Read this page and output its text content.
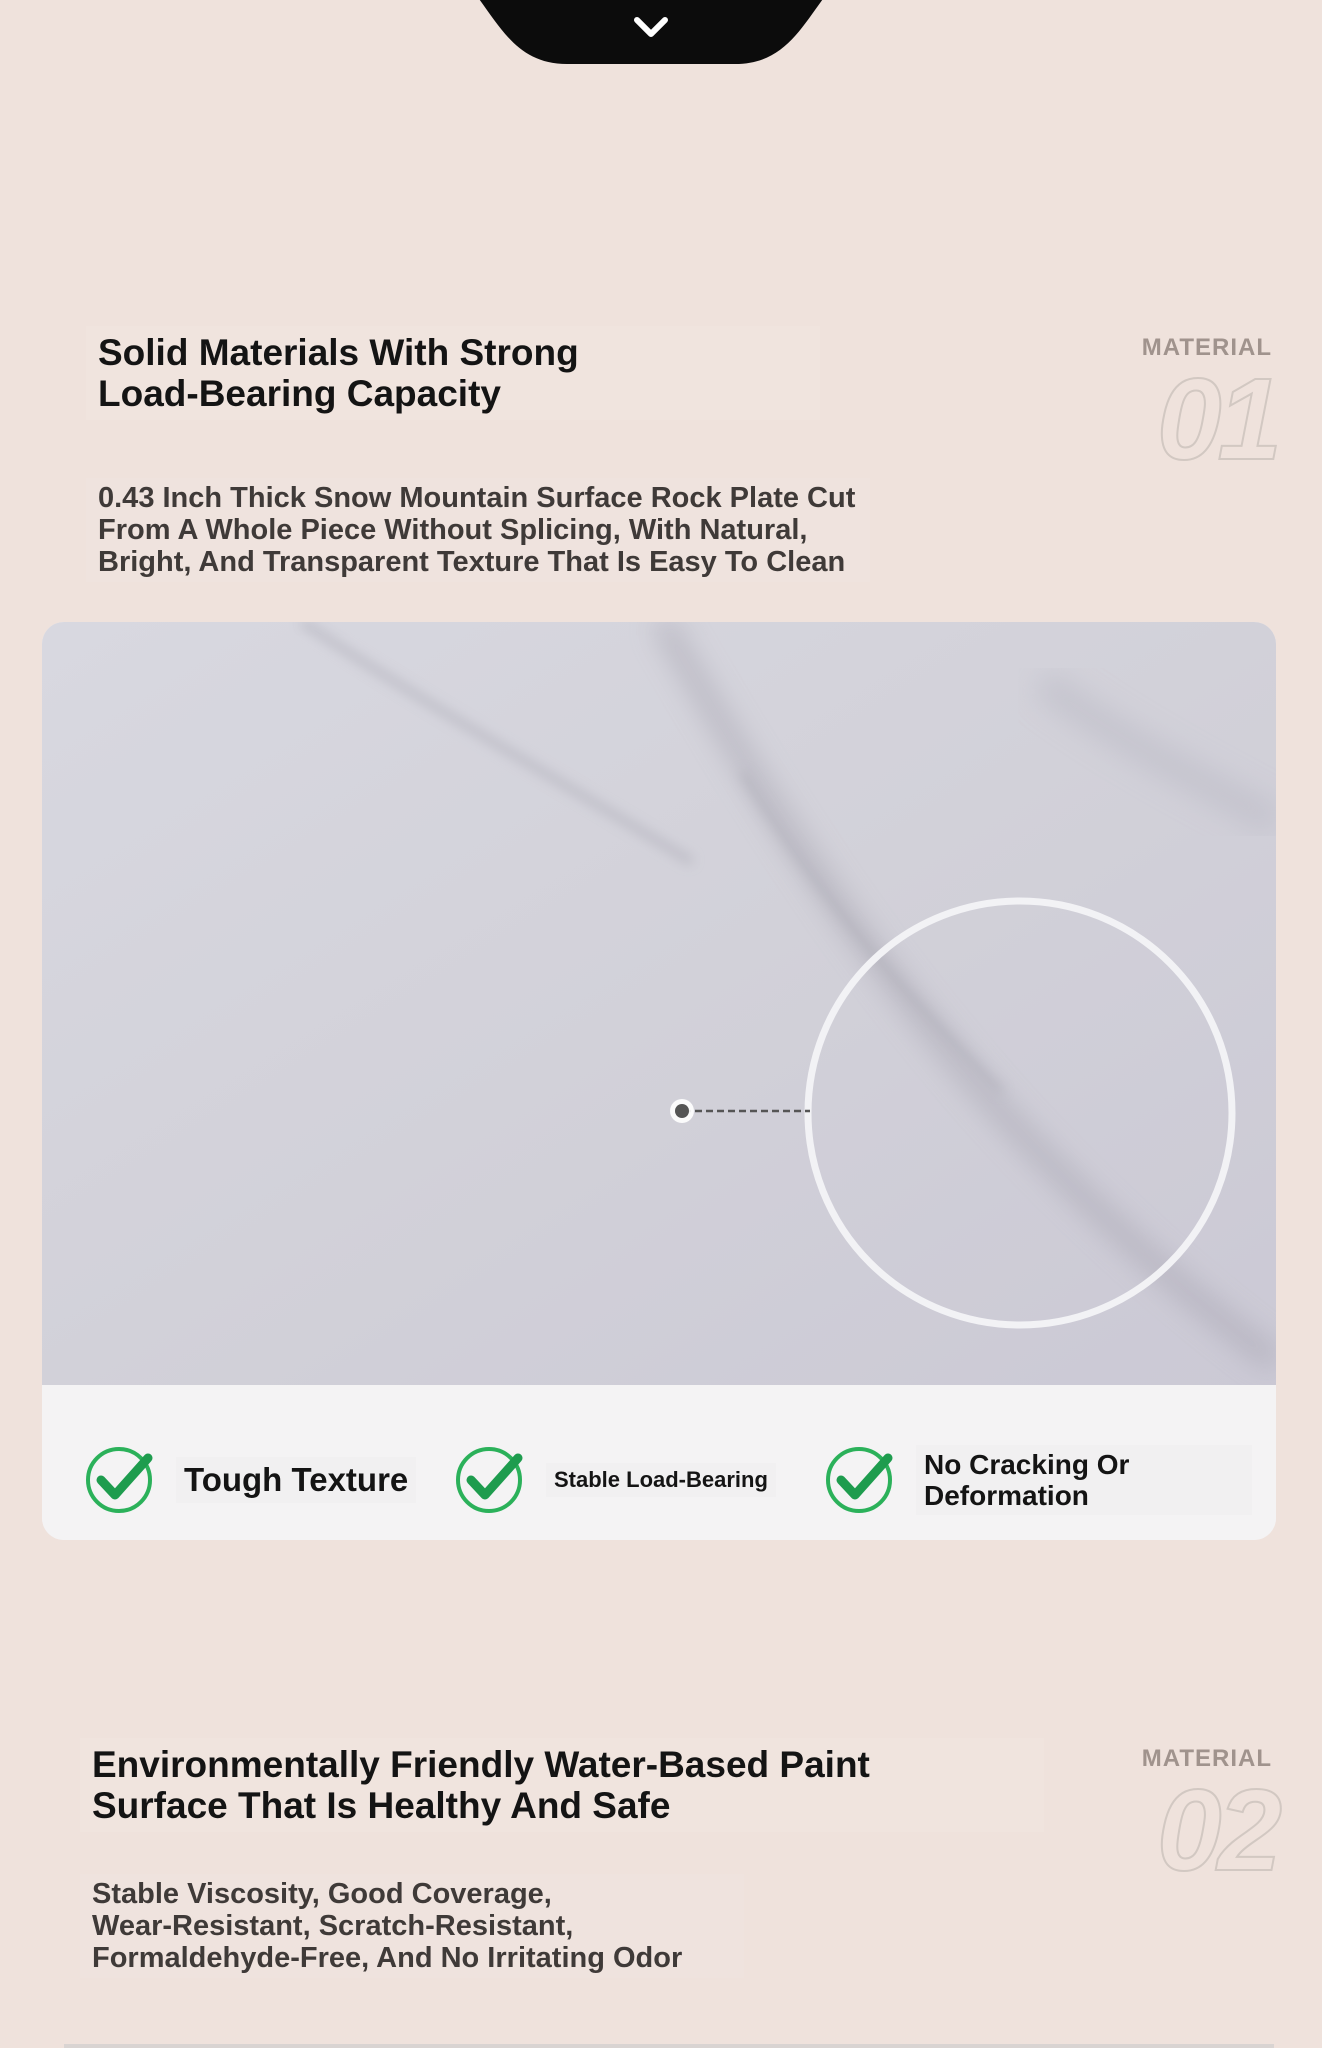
Solid Materials With Strong
Load-Bearing Capacity
MATERIAL
01
0.43 Inch Thick Snow Mountain Surface Rock Plate Cut
From A Whole Piece Without Splicing, With Natural,
Bright, And Transparent Texture That Is Easy To Clean
Tough Texture	Stable Load-Bearing	No Cracking Or
Deformation
Environmentally Friendly Water-Based Paint
Surface That Is Healthy And Safe
MATERIAL
02
Stable Viscosity, Good Coverage,
Wear-Resistant, Scratch-Resistant,
Formaldehyde-Free, And No Irritating Odor
